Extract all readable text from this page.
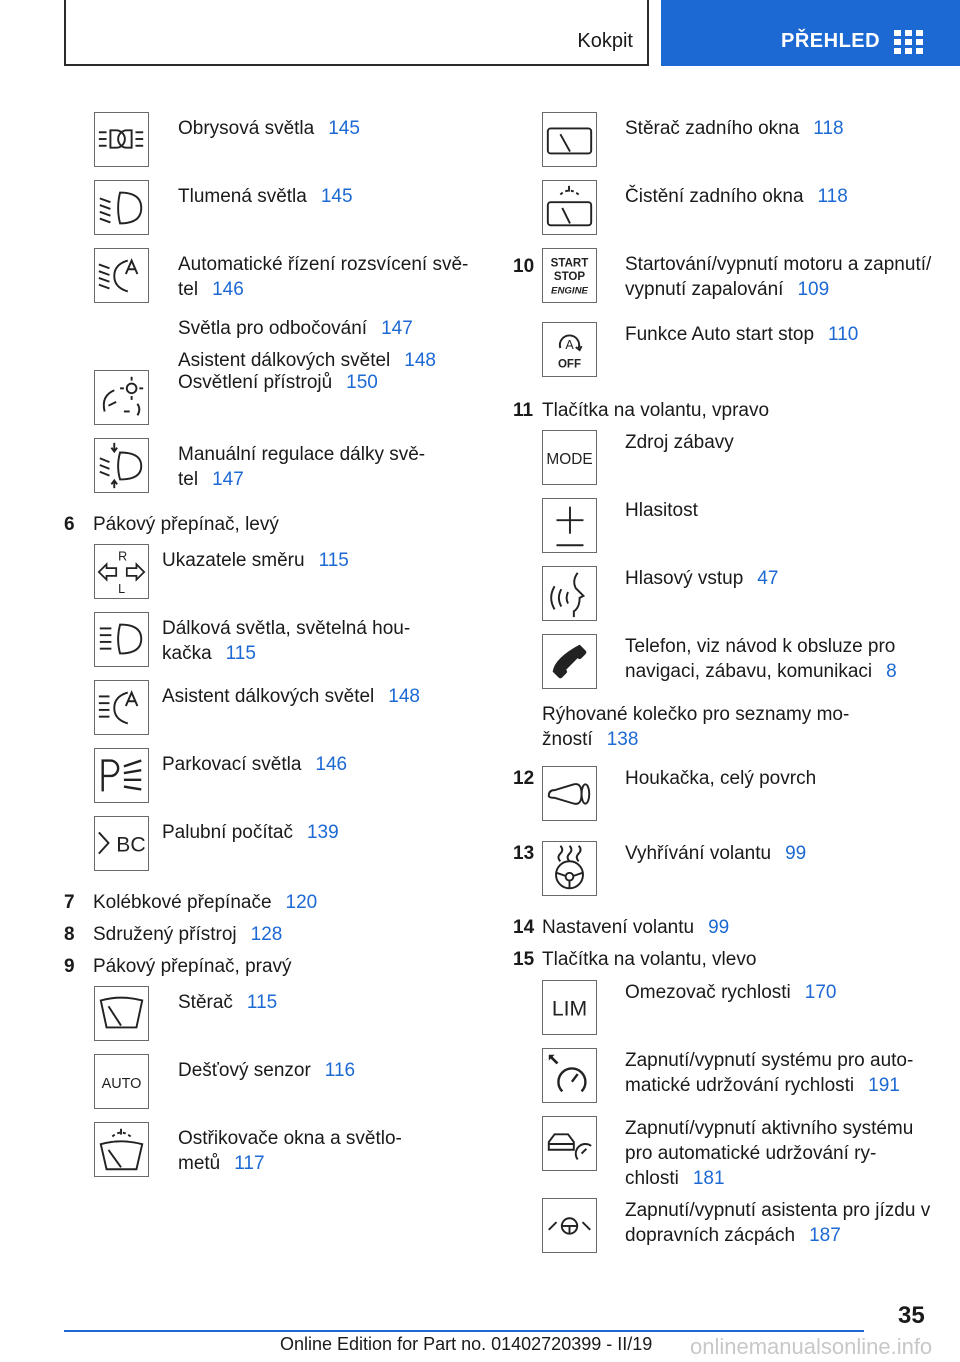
Kokpit	PŘEHLED
Obrysová světla 145
Tlumená světla 145
Automatické řízení rozsvícení svě-
tel 146
Světla pro odbočování 147
Asistent dálkových světel 148
Osvětlení přístrojů 150
Manuální regulace dálky svě-
tel 147
6 Pákový přepínač, levý
R
L
Ukazatele směru 115
Dálková světla, světelná hou-
kačka 115
Asistent dálkových světel 148
Parkovací světla 146
BC
Palubní počítač 139
7 Kolébkové přepínače 120
8 Sdružený přístroj 128
9 Pákový přepínač, pravý
Stěrač 115
AUTO
Dešťový senzor 116
Ostřikovače okna a světlo-
metů 117
Stěrač zadního okna 118
Čistění zadního okna 118
10 START
STOP
ENGINE
Startování/vypnutí motoru a zapnutí/
vypnutí zapalování 109
A
OFF
Funkce Auto start stop 110
11 Tlačítka na volantu, vpravo
MODE
Zdroj zábavy
Hlasitost
Hlasový vstup 47
Telefon, viz návod k obsluze pro
navigaci, zábavu, komunikaci 8
Rýhované kolečko pro seznamy mo-
žností 138
12	Houkačka, celý povrch
13	Vyhřívání volantu 99
14 Nastavení volantu 99
15 Tlačítka na volantu, vlevo
LIM
Omezovač rychlosti 170
Zapnutí/vypnutí systému pro auto-
matické udržování rychlosti 191
Zapnutí/vypnutí aktivního systému
pro automatické udržování ry-
chlosti 181
Zapnutí/vypnutí asistenta pro jízdu v
dopravních zácpách 187
35
Online Edition for Part no. 01402720399 - II/19 onlinemanualsonline.info
